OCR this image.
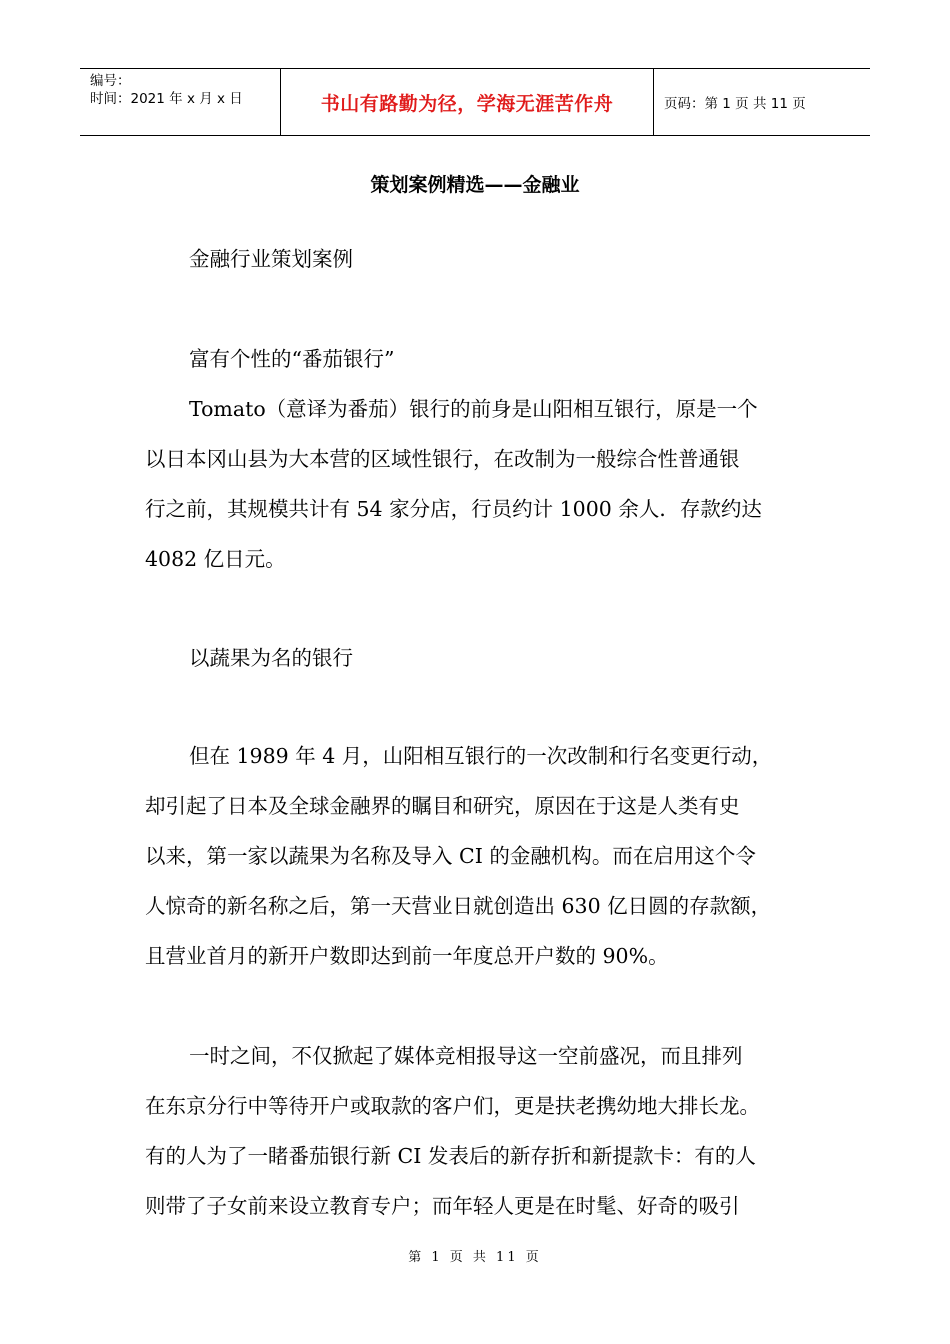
编号：
时间：2021 年 x 月 x 日	书山有路勤为径，学海无涯苦作舟	页码：第 1 页 共 11 页
策划案例精选——金融业
金融行业策划案例
富有个性的“番茄银行”
Tomato（意译为番茄）银行的前身是山阳相互银行，原是一个
以日本冈山县为大本营的区域性银行，在改制为一般综合性普通银
行之前，其规模共计有 54 家分店，行员约计 1000 余人．存款约达
4082 亿日元。
以蔬果为名的银行
但在 1989 年 4 月，山阳相互银行的一次改制和行名变更行动，
却引起了日本及全球金融界的瞩目和研究，原因在于这是人类有史
以来，第一家以蔬果为名称及导入 CI 的金融机构。而在启用这个令
人惊奇的新名称之后，第一天营业日就创造出 630 亿日圆的存款额，
且营业首月的新开户数即达到前一年度总开户数的 90%。
一时之间，不仅掀起了媒体竞相报导这一空前盛况，而且排列
在东京分行中等待开户或取款的客户们，更是扶老携幼地大排长龙。
有的人为了一睹番茄银行新 CI 发表后的新存折和新提款卡：有的人
则带了子女前来设立教育专户；而年轻人更是在时髦、好奇的吸引
第 1 页 共 11 页
